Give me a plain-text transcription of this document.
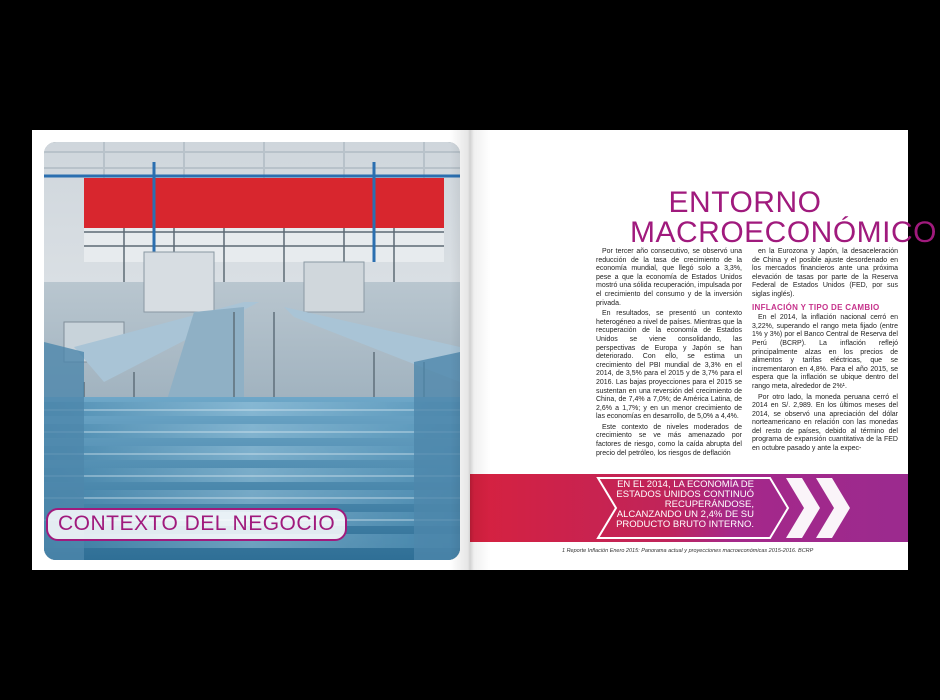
CONTEXTO DEL NEGOCIO
ENTORNO
MACROECONÓMICO

Por tercer año consecutivo, se observó una reducción de la tasa de crecimiento de la economía mundial, que llegó solo a 3,3%, pese a que la economía de Estados Unidos mostró una sólida recuperación, impulsada por el crecimiento del consumo y de la inversión privada.

En resultados, se presentó un contexto heterogéneo a nivel de países. Mientras que la recuperación de la economía de Estados Unidos se viene consolidando, las perspectivas de Europa y Japón se han deteriorado. Con ello, se estima un crecimiento del PBI mundial de 3,3% en el 2014, de 3,5% para el 2015 y de 3,7% para el 2016. Las bajas proyecciones para el 2015 se sustentan en una reversión del crecimiento de China, de 7,4% a 7,0%; de América Latina, de 2,6% a 1,7%; y en un menor crecimiento de las economías en desarrollo, de 5,0% a 4,4%.

Este contexto de niveles moderados de crecimiento se ve más amenazado por factores de riesgo, como la caída abrupta del precio del petróleo, los riesgos de deflación

en la Eurozona y Japón, la desaceleración de China y el posible ajuste desordenado en los mercados financieros ante una próxima elevación de tasas por parte de la Reserva Federal de Estados Unidos (FED, por sus siglas inglés).

INFLACIÓN Y TIPO DE CAMBIO

En el 2014, la inflación nacional cerró en 3,22%, superando el rango meta fijado (entre 1% y 3%) por el Banco Central de Reserva del Perú (BCRP). La inflación reflejó principalmente alzas en los precios de alimentos y tarifas eléctricas, que se incrementaron en 4,8%. Para el año 2015, se espera que la inflación se ubique dentro del rango meta, alrededor de 2%¹.

Por otro lado, la moneda peruana cerró el 2014 en S/. 2,989. En los últimos meses del 2014, se observó una apreciación del dólar norteamericano en relación con las monedas del resto de países, debido al término del programa de expansión cuantitativa de la FED en octubre pasado y ante la expec-

EN EL 2014, LA ECONOMÍA DE ESTADOS UNIDOS CONTINUÓ RECUPERÁNDOSE, ALCANZANDO UN 2,4% DE SU PRODUCTO BRUTO INTERNO.
1 Reporte Inflación Enero 2015: Panorama actual y proyecciones macroeconómicas 2015-2016. BCRP
